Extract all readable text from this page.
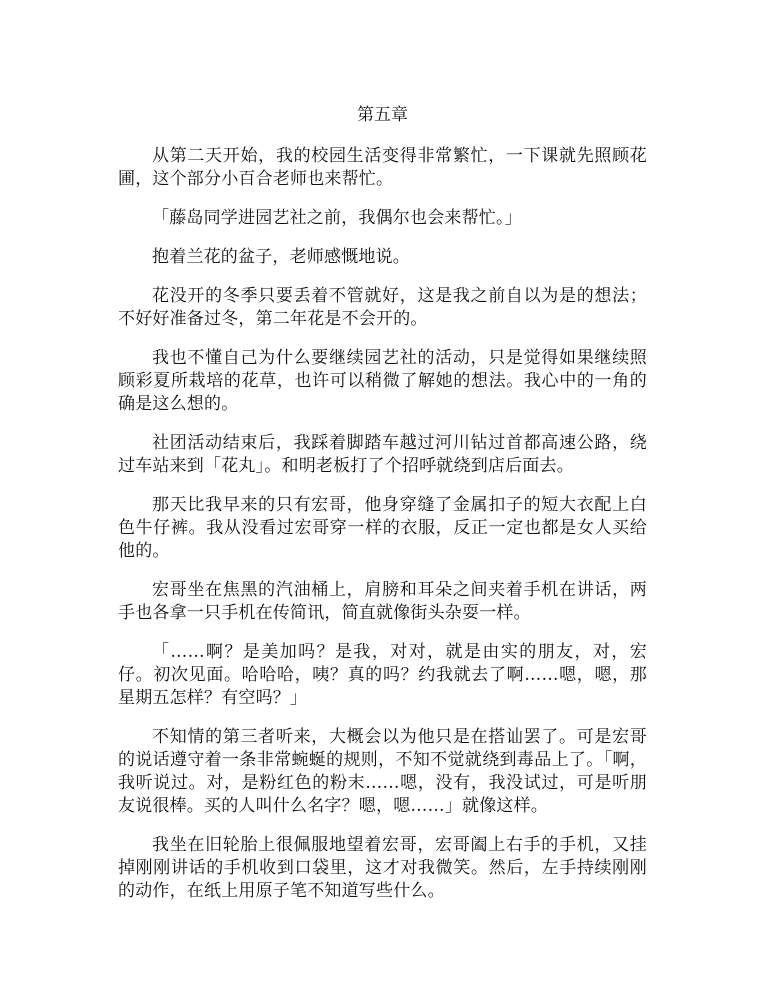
第五章

从第二天开始，我的校园生活变得非常繁忙，一下课就先照顾花圃，这个部分小百合老师也来帮忙。

「藤岛同学进园艺社之前，我偶尔也会来帮忙。」

抱着兰花的盆子，老师感慨地说。

花没开的冬季只要丢着不管就好，这是我之前自以为是的想法；不好好准备过冬，第二年花是不会开的。

我也不懂自己为什么要继续园艺社的活动，只是觉得如果继续照顾彩夏所栽培的花草，也许可以稍微了解她的想法。我心中的一角的确是这么想的。

社团活动结束后，我踩着脚踏车越过河川钻过首都高速公路，绕过车站来到「花丸」。和明老板打了个招呼就绕到店后面去。

那天比我早来的只有宏哥，他身穿缝了金属扣子的短大衣配上白色牛仔裤。我从没看过宏哥穿一样的衣服，反正一定也都是女人买给他的。

宏哥坐在焦黑的汽油桶上，肩膀和耳朵之间夹着手机在讲话，两手也各拿一只手机在传简讯，简直就像街头杂耍一样。

「……啊？是美加吗？是我，对对，就是由实的朋友，对，宏仔。初次见面。哈哈哈，咦？真的吗？约我就去了啊……嗯，嗯，那星期五怎样？有空吗？」

不知情的第三者听来，大概会以为他只是在搭讪罢了。可是宏哥的说话遵守着一条非常蜿蜒的规则，不知不觉就绕到毒品上了。「啊，我听说过。对，是粉红色的粉末……嗯，没有，我没试过，可是听朋友说很棒。买的人叫什么名字？嗯，嗯……」就像这样。

我坐在旧轮胎上很佩服地望着宏哥，宏哥阖上右手的手机，又挂掉刚刚讲话的手机收到口袋里，这才对我微笑。然后，左手持续刚刚的动作，在纸上用原子笔不知道写些什么。
